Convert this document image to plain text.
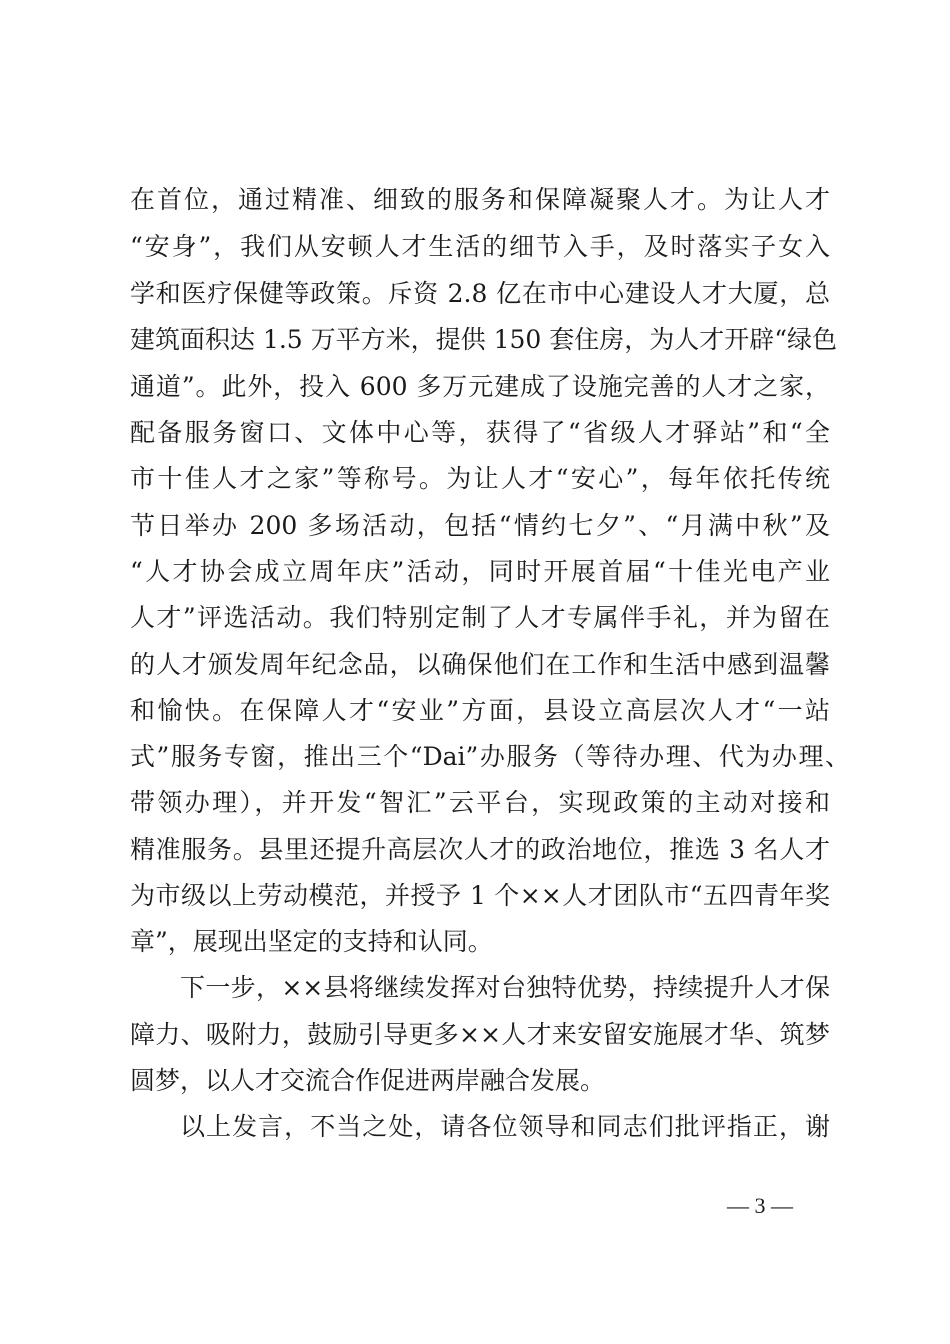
在首位，通过精准、细致的服务和保障凝聚人才。为让人才
“安身”，我们从安顿人才生活的细节入手，及时落实子女入
学和医疗保健等政策。斥资 2.8 亿在市中心建设人才大厦，总
建筑面积达 1.5 万平方米，提供 150 套住房，为人才开辟“绿色
通道”。此外，投入 600 多万元建成了设施完善的人才之家，
配备服务窗口、文体中心等，获得了“省级人才驿站”和“全
市十佳人才之家”等称号。为让人才“安心”，每年依托传统
节日举办 200 多场活动，包括“情约七夕”、“月满中秋”及
“人才协会成立周年庆”活动，同时开展首届“十佳光电产业
人才”评选活动。我们特别定制了人才专属伴手礼，并为留在
的人才颁发周年纪念品，以确保他们在工作和生活中感到温馨
和愉快。在保障人才“安业”方面，县设立高层次人才“一站
式”服务专窗，推出三个“Dai”办服务（等待办理、代为办理、
带领办理），并开发“智汇”云平台，实现政策的主动对接和
精准服务。县里还提升高层次人才的政治地位，推选 3 名人才
为市级以上劳动模范，并授予 1 个××人才团队市“五四青年奖
章”，展现出坚定的支持和认同。
下一步，××县将继续发挥对台独特优势，持续提升人才保
障力、吸附力，鼓励引导更多××人才来安留安施展才华、筑梦
圆梦，以人才交流合作促进两岸融合发展。
以上发言，不当之处，请各位领导和同志们批评指正，谢
— 3 —
